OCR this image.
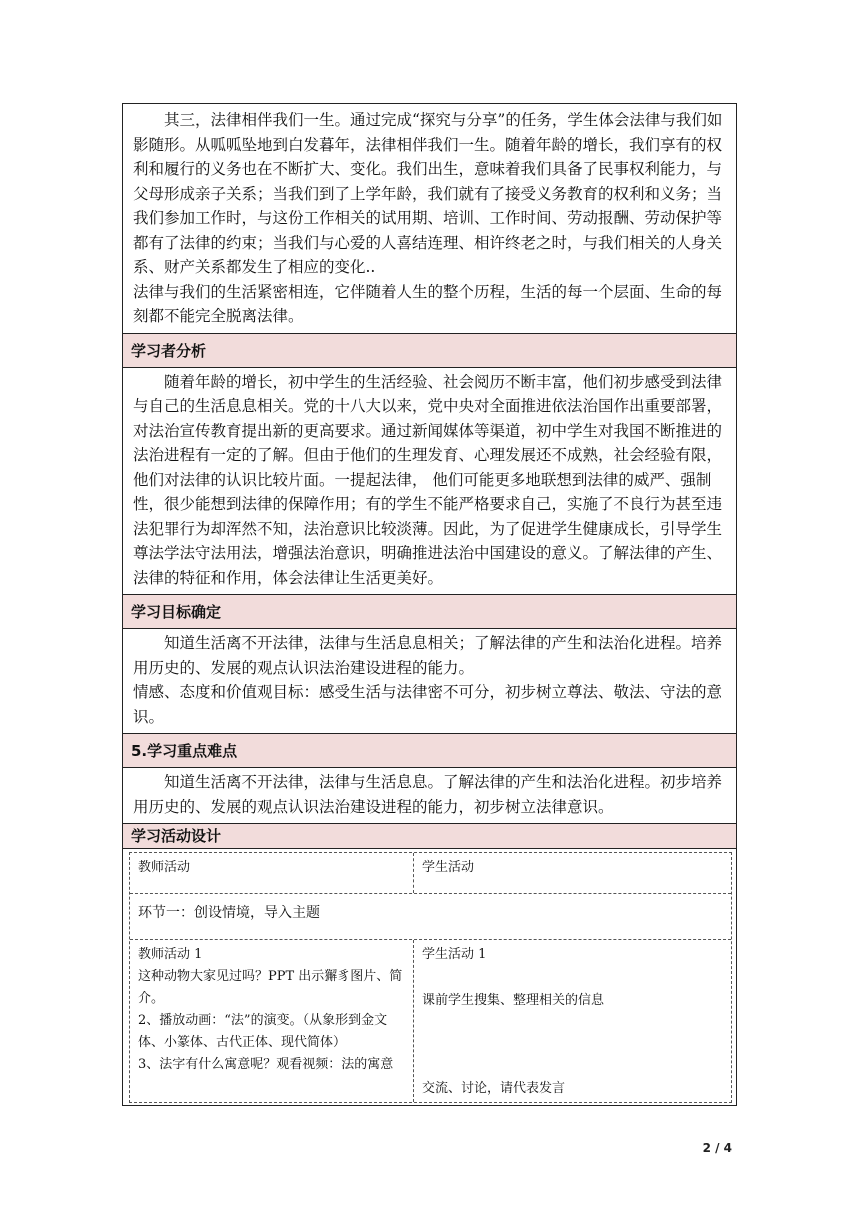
其三，法律相伴我们一生。通过完成“探究与分享”的任务，学生体会法律与我们如影随形。从呱呱坠地到白发暮年，法律相伴我们一生。随着年龄的增长，我们享有的权利和履行的义务也在不断扩大、变化。我们出生，意味着我们具备了民事权利能力，与父母形成亲子关系；当我们到了上学年龄，我们就有了接受义务教育的权利和义务；当我们参加工作时，与这份工作相关的试用期、培训、工作时间、劳动报酬、劳动保护等都有了法律的约束；当我们与心爱的人喜结连理、相许终老之时，与我们相关的人身关系、财产关系都发生了相应的变化..

法律与我们的生活紧密相连，它伴随着人生的整个历程，生活的每一个层面、生命的每刻都不能完全脱离法律。

学习者分析

随着年龄的增长，初中学生的生活经验、社会阅历不断丰富，他们初步感受到法律与自己的生活息息相关。党的十八大以来，党中央对全面推进依法治国作出重要部署，对法治宣传教育提出新的更高要求。通过新闻媒体等渠道，初中学生对我国不断推进的法治进程有一定的了解。但由于他们的生理发育、心理发展还不成熟，社会经验有限，他们对法律的认识比较片面。一提起法律， 他们可能更多地联想到法律的威严、强制性，很少能想到法律的保障作用；有的学生不能严格要求自己，实施了不良行为甚至违法犯罪行为却浑然不知，法治意识比较淡薄。因此，为了促进学生健康成长，引导学生尊法学法守法用法，增强法治意识，明确推进法治中国建设的意义。了解法律的产生、法律的特征和作用，体会法律让生活更美好。

学习目标确定

知道生活离不开法律，法律与生活息息相关；了解法律的产生和法治化进程。培养用历史的、发展的观点认识法治建设进程的能力。

情感、态度和价值观目标：感受生活与法律密不可分，初步树立尊法、敬法、守法的意识。

5.学习重点难点

知道生活离不开法律，法律与生活息息。了解法律的产生和法治化进程。初步培养用历史的、发展的观点认识法治建设进程的能力，初步树立法律意识。

学习活动设计
教师活动	学生活动
环节一：创设情境，导入主题
教师活动 1
这种动物大家见过吗？PPT 出示獬豸图片、简介。
2、播放动画：“法”的演变。（从象形到金文体、小篆体、古代正体、现代简体）
3、法字有什么寓意呢？观看视频：法的寓意
学生活动 1
课前学生搜集、整理相关的信息
交流、讨论，请代表发言
2 / 4
